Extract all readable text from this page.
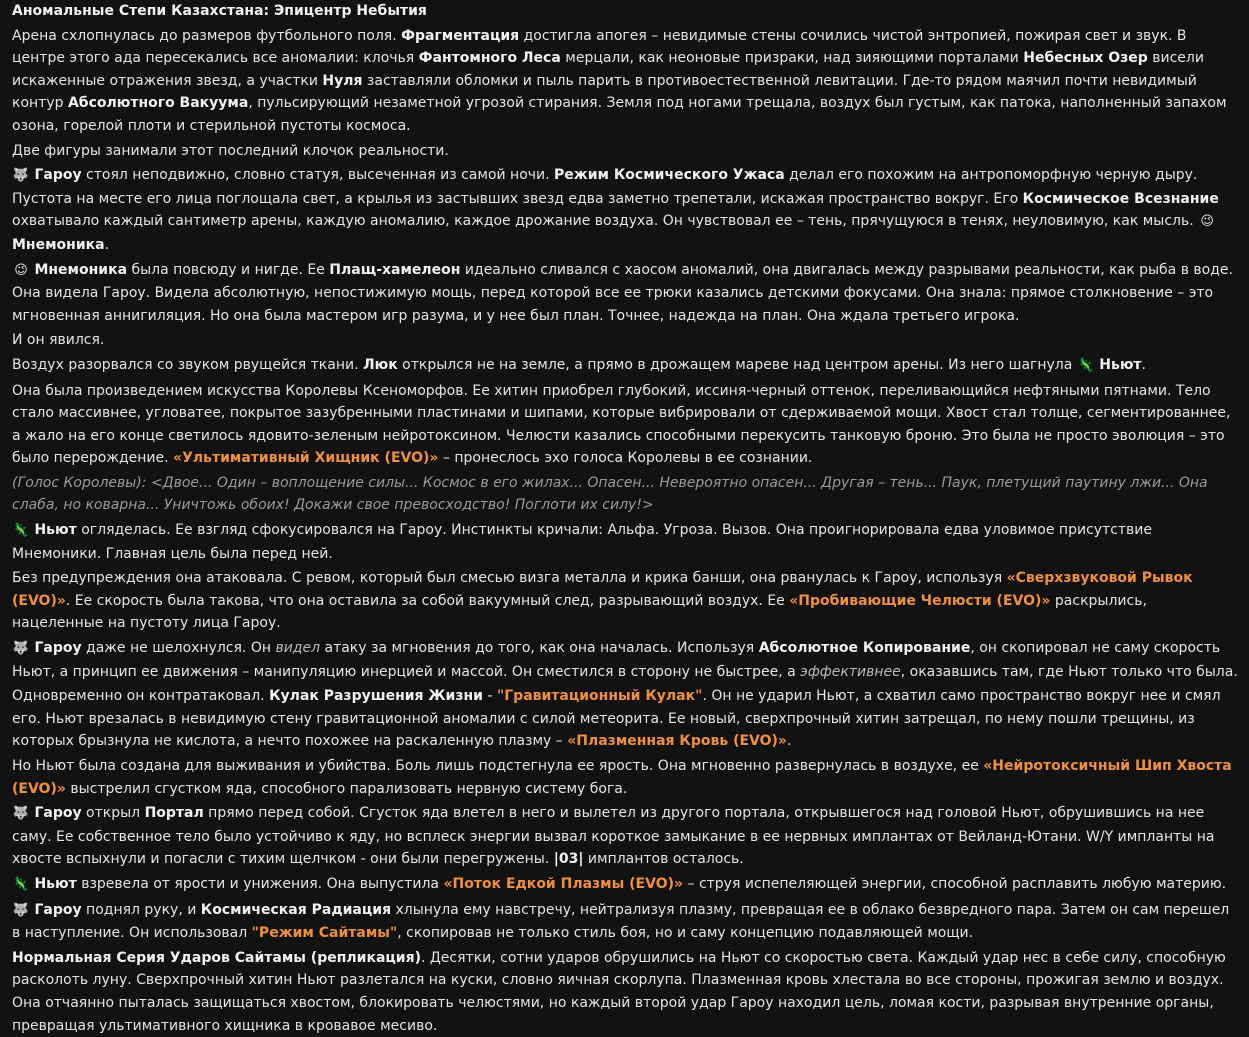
Аномальные Степи Казахстана: Эпицентр Небытия
Арена схлопнулась до размеров футбольного поля. Фрагментация достигла апогея – невидимые стены сочились чистой энтропией, пожирая свет и звук. В центре этого ада пересекались все аномалии: клочья Фантомного Леса мерцали, как неоновые призраки, над зияющими порталами Небесных Озер висели искаженные отражения звезд, а участки Нуля заставляли обломки и пыль парить в противоестественной левитации. Где-то рядом маячил почти невидимый контур Абсолютного Вакуума, пульсирующий незаметной угрозой стирания. Земля под ногами трещала, воздух был густым, как патока, наполненный запахом озона, горелой плоти и стерильной пустоты космоса.
Две фигуры занимали этот последний клочок реальности.
🐺 Гароу стоял неподвижно, словно статуя, высеченная из самой ночи. Режим Космического Ужаса делал его похожим на антропоморфную черную дыру. Пустота на месте его лица поглощала свет, а крылья из застывших звезд едва заметно трепетали, искажая пространство вокруг. Его Космическое Всезнание охватывало каждый сантиметр арены, каждую аномалию, каждое дрожание воздуха. Он чувствовал ее – тень, прячущуюся в тенях, неуловимую, как мысль. 😉 Мнемоника.
😉 Мнемоника была повсюду и нигде. Ее Плащ-хамелеон идеально сливался с хаосом аномалий, она двигалась между разрывами реальности, как рыба в воде. Она видела Гароу. Видела абсолютную, непостижимую мощь, перед которой все ее трюки казались детскими фокусами. Она знала: прямое столкновение – это мгновенная аннигиляция. Но она была мастером игр разума, и у нее был план. Точнее, надежда на план. Она ждала третьего игрока.
И он явился.
Воздух разорвался со звуком рвущейся ткани. Люк открылся не на земле, а прямо в дрожащем мареве над центром арены. Из него шагнула 🦎 Ньют.
Она была произведением искусства Королевы Ксеноморфов. Ее хитин приобрел глубокий, иссиня-черный оттенок, переливающийся нефтяными пятнами. Тело стало массивнее, угловатее, покрытое зазубренными пластинами и шипами, которые вибрировали от сдерживаемой мощи. Хвост стал толще, сегментированнее, а жало на его конце светилось ядовито-зеленым нейротоксином. Челюсти казались способными перекусить танковую броню. Это была не просто эволюция – это было перерождение. «Ультимативный Хищник (EVO)» – пронеслось эхо голоса Королевы в ее сознании.
(Голос Королевы): <Двое... Один – воплощение силы... Космос в его жилах... Опасен... Невероятно опасен... Другая – тень... Паук, плетущий паутину лжи... Она слаба, но коварна... Уничтожь обоих! Докажи свое превосходство! Поглоти их силу!>
🦎 Ньют огляделась. Ее взгляд сфокусировался на Гароу. Инстинкты кричали: Альфа. Угроза. Вызов. Она проигнорировала едва уловимое присутствие Мнемоники. Главная цель была перед ней.
Без предупреждения она атаковала. С ревом, который был смесью визга металла и крика банши, она рванулась к Гароу, используя «Сверхзвуковой Рывок (EVO)». Ее скорость была такова, что она оставила за собой вакуумный след, разрывающий воздух. Ее «Пробивающие Челюсти (EVO)» раскрылись, нацеленные на пустоту лица Гароу.
🐺 Гароу даже не шелохнулся. Он видел атаку за мгновения до того, как она началась. Используя Абсолютное Копирование, он скопировал не саму скорость Ньют, а принцип ее движения – манипуляцию инерцией и массой. Он сместился в сторону не быстрее, а эффективнее, оказавшись там, где Ньют только что была.
Одновременно он контратаковал. Кулак Разрушения Жизни - "Гравитационный Кулак". Он не ударил Ньют, а схватил само пространство вокруг нее и смял его. Ньют врезалась в невидимую стену гравитационной аномалии с силой метеорита. Ее новый, сверхпрочный хитин затрещал, по нему пошли трещины, из которых брызнула не кислота, а нечто похожее на раскаленную плазму – «Плазменная Кровь (EVO)».
Но Ньют была создана для выживания и убийства. Боль лишь подстегнула ее ярость. Она мгновенно развернулась в воздухе, ее «Нейротоксичный Шип Хвоста (EVO)» выстрелил сгустком яда, способного парализовать нервную систему бога.
🐺 Гароу открыл Портал прямо перед собой. Сгусток яда влетел в него и вылетел из другого портала, открывшегося над головой Ньют, обрушившись на нее саму. Ее собственное тело было устойчиво к яду, но всплеск энергии вызвал короткое замыкание в ее нервных имплантах от Вейланд-Ютани. W/Y импланты на хвосте вспыхнули и погасли с тихим щелчком - они были перегружены. |03| имплантов осталось.
🦎 Ньют взревела от ярости и унижения. Она выпустила «Поток Едкой Плазмы (EVO)» – струя испепеляющей энергии, способной расплавить любую материю.
🐺 Гароу поднял руку, и Космическая Радиация хлынула ему навстречу, нейтрализуя плазму, превращая ее в облако безвредного пара. Затем он сам перешел в наступление. Он использовал "Режим Сайтамы", скопировав не только стиль боя, но и саму концепцию подавляющей мощи.
Нормальная Серия Ударов Сайтамы (репликация). Десятки, сотни ударов обрушились на Ньют со скоростью света. Каждый удар нес в себе силу, способную расколоть луну. Сверхпрочный хитин Ньют разлетался на куски, словно яичная скорлупа. Плазменная кровь хлестала во все стороны, прожигая землю и воздух. Она отчаянно пыталась защищаться хвостом, блокировать челюстями, но каждый второй удар Гароу находил цель, ломая кости, разрывая внутренние органы, превращая ультимативного хищника в кровавое месиво.
